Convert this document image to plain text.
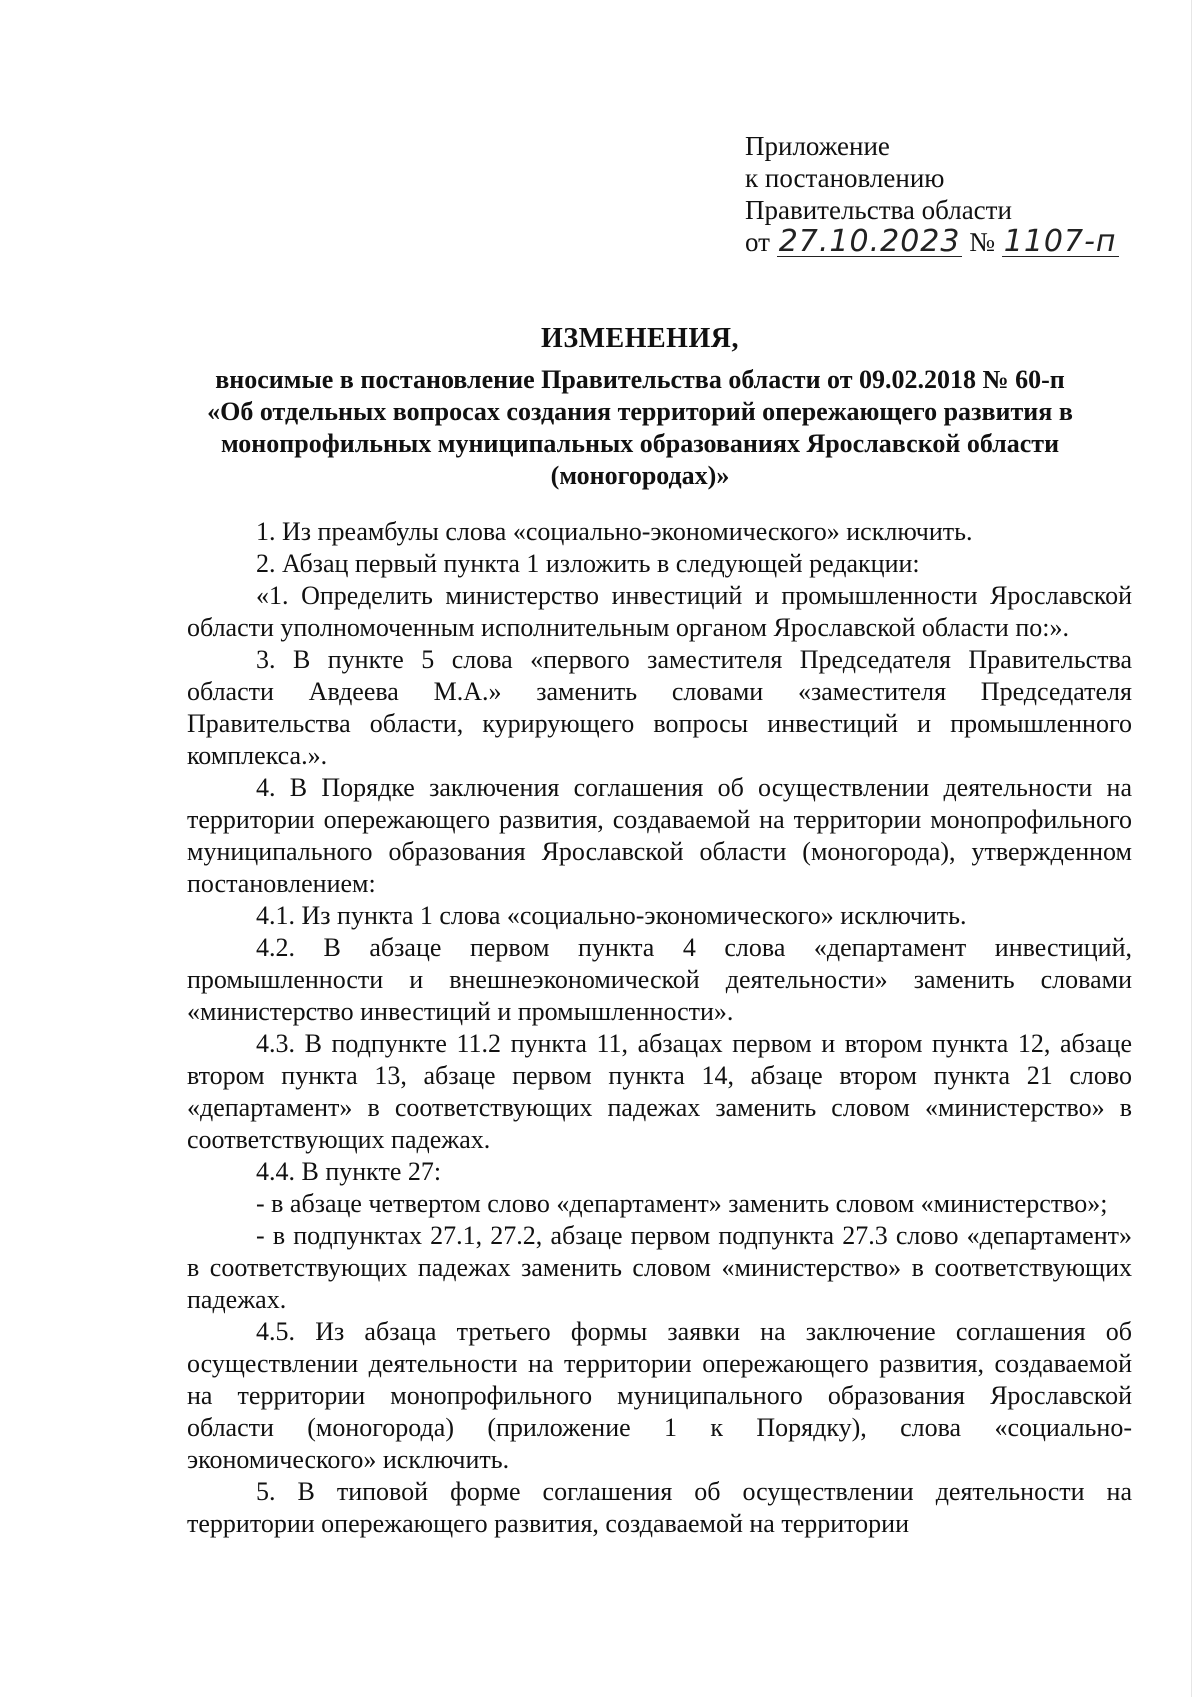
Приложение
к постановлению
Правительства области
от 27.10.2023 № 1107-п
ИЗМЕНЕНИЯ,
вносимые в постановление Правительства области от 09.02.2018 № 60-п
«Об отдельных вопросах создания территорий опережающего развития в
монопрофильных муниципальных образованиях Ярославской области
(моногородах)»

1. Из преамбулы слова «социально-экономического» исключить.

2. Абзац первый пункта 1 изложить в следующей редакции:

«1. Определить министерство инвестиций и промышленности Ярославской области уполномоченным исполнительным органом Ярославской области по:».

3. В пункте 5 слова «первого заместителя Председателя Правительства области Авдеева М.А.» заменить словами «заместителя Председателя Правительства области, курирующего вопросы инвестиций и промышленного комплекса.».

4. В Порядке заключения соглашения об осуществлении деятельности на территории опережающего развития, создаваемой на территории монопрофильного муниципального образования Ярославской области (моногорода), утвержденном постановлением:

4.1. Из пункта 1 слова «социально-экономического» исключить.

4.2. В абзаце первом пункта 4 слова «департамент инвестиций, промышленности и внешнеэкономической деятельности» заменить словами «министерство инвестиций и промышленности».

4.3. В подпункте 11.2 пункта 11, абзацах первом и втором пункта 12, абзаце втором пункта 13, абзаце первом пункта 14, абзаце втором пункта 21 слово «департамент» в соответствующих падежах заменить словом «министерство» в соответствующих падежах.

4.4. В пункте 27:

- в абзаце четвертом слово «департамент» заменить словом «министерство»;

- в подпунктах 27.1, 27.2, абзаце первом подпункта 27.3 слово «департамент» в соответствующих падежах заменить словом «министерство» в соответствующих падежах.

4.5. Из абзаца третьего формы заявки на заключение соглашения об осуществлении деятельности на территории опережающего развития, создаваемой на территории монопрофильного муниципального образования Ярославской области (моногорода) (приложение 1 к Порядку), слова «социально-экономического» исключить.

5. В типовой форме соглашения об осуществлении деятельности на территории опережающего развития, создаваемой на территории
